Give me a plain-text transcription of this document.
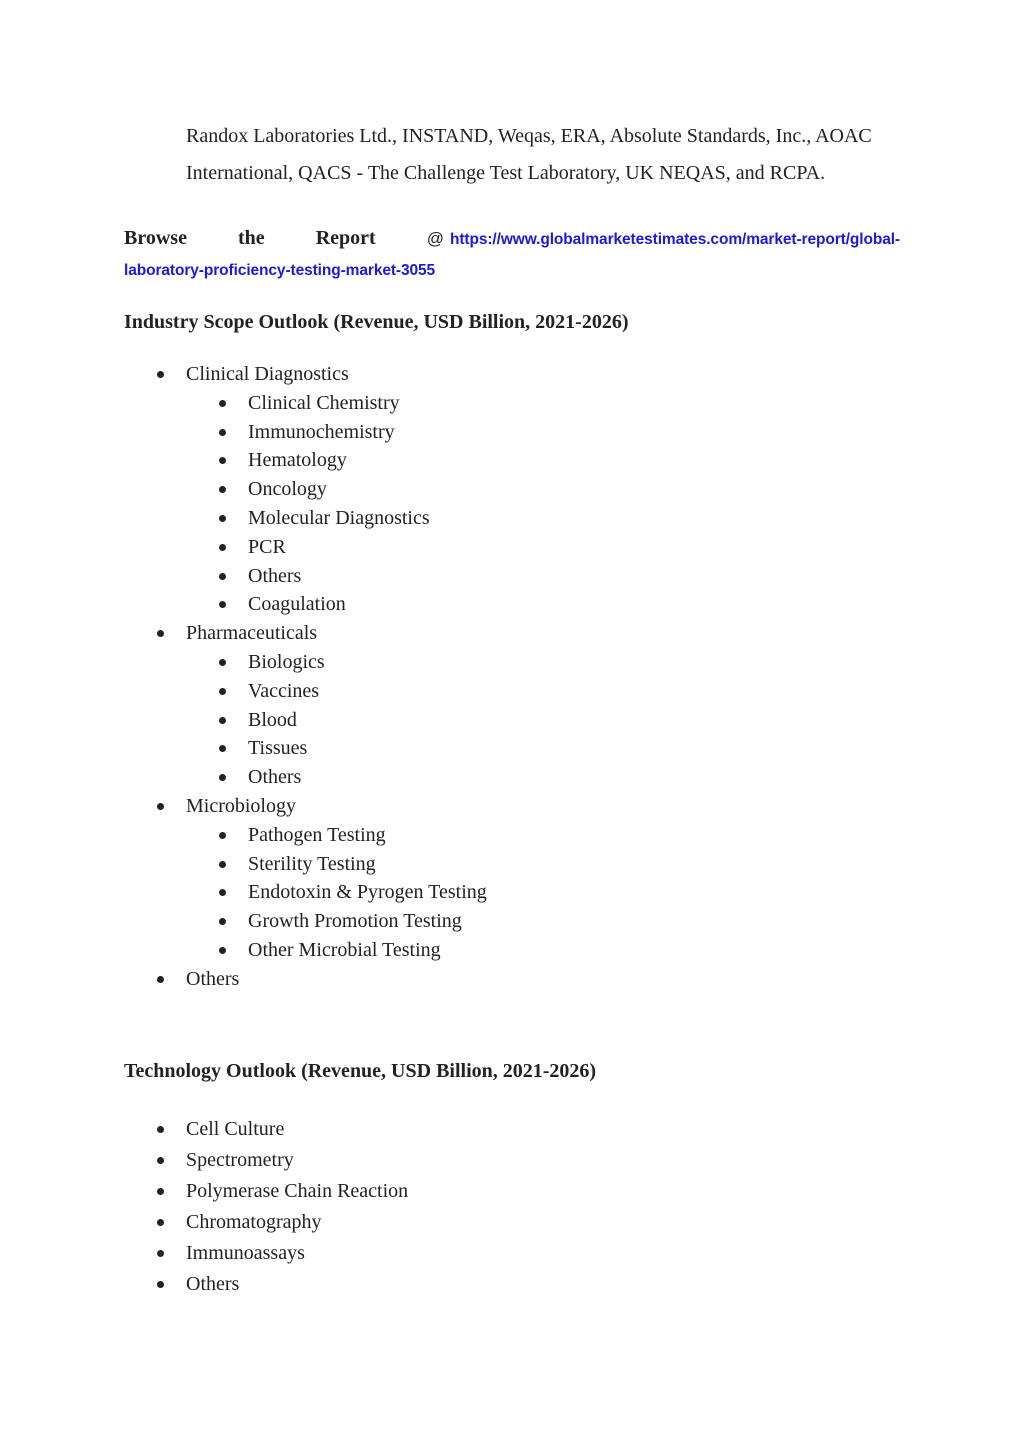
Randox Laboratories Ltd., INSTAND, Weqas, ERA, Absolute Standards, Inc., AOAC
International, QACS - The Challenge Test Laboratory, UK NEQAS, and RCPA.
Browse	the	Report	@ https://www.globalmarketestimates.com/market-report/global-
laboratory-proficiency-testing-market-3055
Industry Scope Outlook (Revenue, USD Billion, 2021-2026)
Clinical Diagnostics
Clinical Chemistry
Immunochemistry
Hematology
Oncology
Molecular Diagnostics
PCR
Others
Coagulation
Pharmaceuticals
Biologics
Vaccines
Blood
Tissues
Others
Microbiology
Pathogen Testing
Sterility Testing
Endotoxin & Pyrogen Testing
Growth Promotion Testing
Other Microbial Testing
Others
Technology Outlook (Revenue, USD Billion, 2021-2026)
Cell Culture
Spectrometry
Polymerase Chain Reaction
Chromatography
Immunoassays
Others
